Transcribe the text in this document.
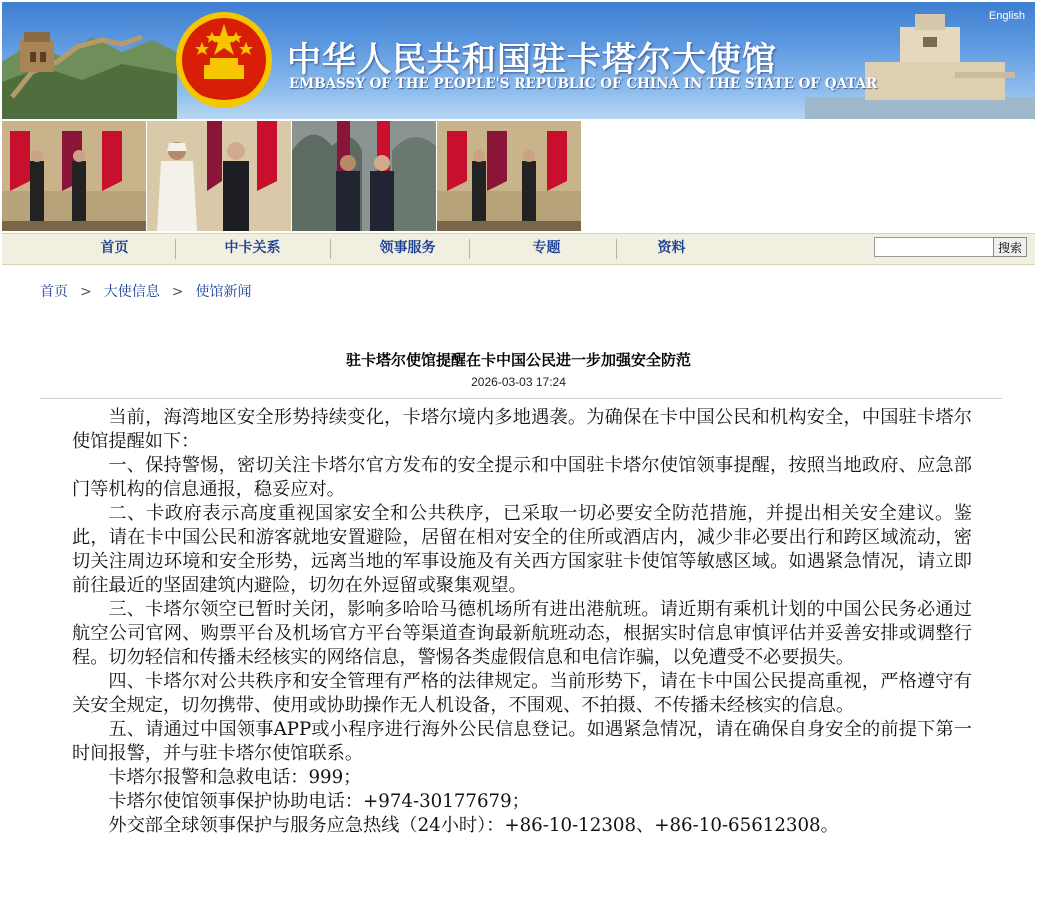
中华人民共和国驻卡塔尔大使馆
EMBASSY OF THE PEOPLE'S REPUBLIC OF CHINA IN THE STATE OF QATAR
English
首页	中卡关系	领事服务	专题	资料	搜索
首页 > 大使信息 > 使馆新闻
驻卡塔尔使馆提醒在卡中国公民进一步加强安全防范
2026-03-03 17:24

当前，海湾地区安全形势持续变化，卡塔尔境内多地遇袭。为确保在卡中国公民和机构安全，中国驻卡塔尔使馆提醒如下：

一、保持警惕，密切关注卡塔尔官方发布的安全提示和中国驻卡塔尔使馆领事提醒，按照当地政府、应急部门等机构的信息通报，稳妥应对。

二、卡政府表示高度重视国家安全和公共秩序，已采取一切必要安全防范措施，并提出相关安全建议。鉴此，请在卡中国公民和游客就地安置避险，居留在相对安全的住所或酒店内，减少非必要出行和跨区域流动，密切关注周边环境和安全形势，远离当地的军事设施及有关西方国家驻卡使馆等敏感区域。如遇紧急情况，请立即前往最近的坚固建筑内避险，切勿在外逗留或聚集观望。

三、卡塔尔领空已暂时关闭，影响多哈哈马德机场所有进出港航班。请近期有乘机计划的中国公民务必通过航空公司官网、购票平台及机场官方平台等渠道查询最新航班动态，根据实时信息审慎评估并妥善安排或调整行程。切勿轻信和传播未经核实的网络信息，警惕各类虚假信息和电信诈骗，以免遭受不必要损失。

四、卡塔尔对公共秩序和安全管理有严格的法律规定。当前形势下，请在卡中国公民提高重视，严格遵守有关安全规定，切勿携带、使用或协助操作无人机设备，不围观、不拍摄、不传播未经核实的信息。

五、请通过中国领事APP或小程序进行海外公民信息登记。如遇紧急情况，请在确保自身安全的前提下第一时间报警，并与驻卡塔尔使馆联系。

卡塔尔报警和急救电话：999；

卡塔尔使馆领事保护协助电话：+974-30177679；

外交部全球领事保护与服务应急热线（24小时）：+86-10-12308、+86-10-65612308。
